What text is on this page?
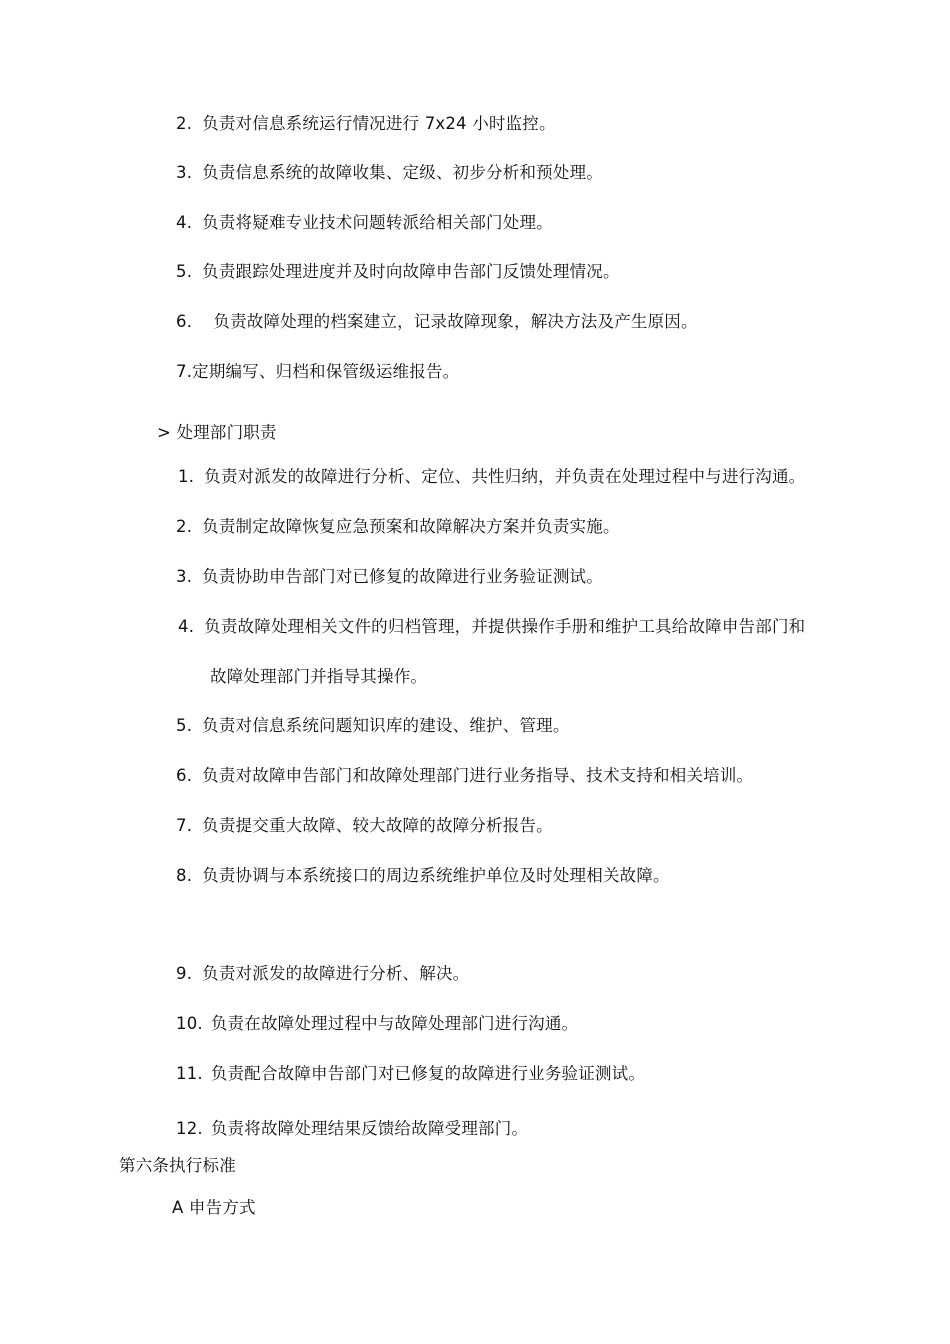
2. 负责对信息系统运行情况进行 7x24 小时监控。
3. 负责信息系统的故障收集、定级、初步分析和预处理。
4. 负责将疑难专业技术问题转派给相关部门处理。
5. 负责跟踪处理进度并及时向故障申告部门反馈处理情况。
6． 负责故障处理的档案建立，记录故障现象，解决方法及产生原因。
7.定期编写、归档和保管级运维报告。
> 处理部门职责
1. 负责对派发的故障进行分析、定位、共性归纳，并负责在处理过程中与进行沟通。
2. 负责制定故障恢复应急预案和故障解决方案并负责实施。
3. 负责协助申告部门对已修复的故障进行业务验证测试。
4. 负责故障处理相关文件的归档管理，并提供操作手册和维护工具给故障申告部门和
故障处理部门并指导其操作。
5. 负责对信息系统问题知识库的建设、维护、管理。
6. 负责对故障申告部门和故障处理部门进行业务指导、技术支持和相关培训。
7. 负责提交重大故障、较大故障的故障分析报告。
8. 负责协调与本系统接口的周边系统维护单位及时处理相关故障。
9. 负责对派发的故障进行分析、解决。
10. 负责在故障处理过程中与故障处理部门进行沟通。
11. 负责配合故障申告部门对已修复的故障进行业务验证测试。
12. 负责将故障处理结果反馈给故障受理部门。
第六条执行标准
A 申告方式
